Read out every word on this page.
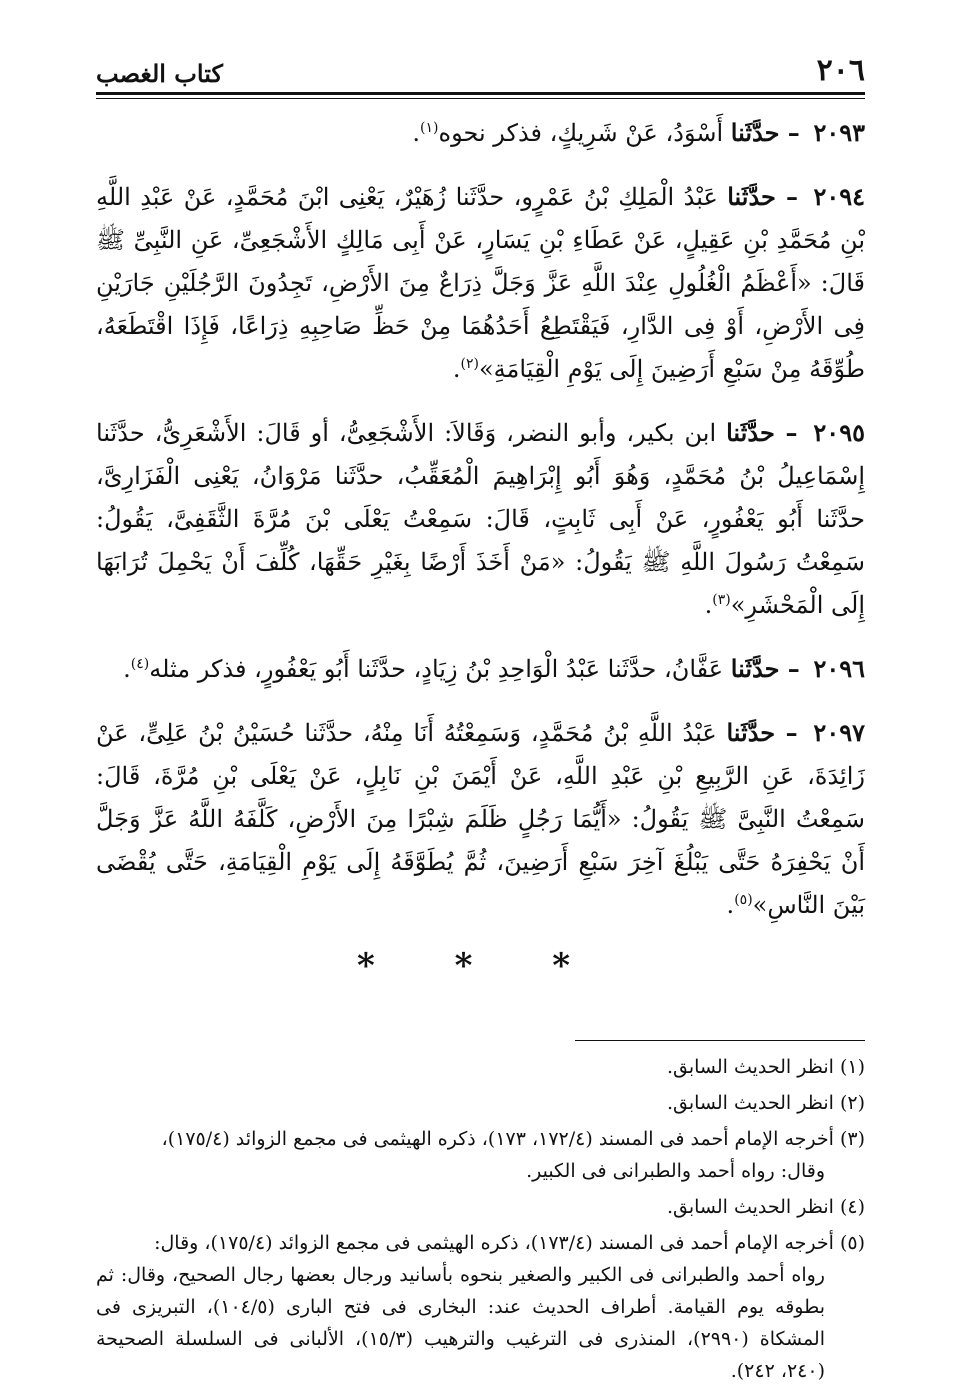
٢٠٦
كتاب الغصب

٢٠٩٣ – حدَّثَنا أَسْوَدُ، عَنْ شَرِيكٍ، فذكر نحوه$^{(١)}$.

٢٠٩٤ – حدَّثَنا عَبْدُ الْمَلِكِ بْنُ عَمْرٍو، حدَّثَنا زُهَيْرٌ، يَعْنِى ابْنَ مُحَمَّدٍ، عَنْ عَبْدِ اللَّهِ بْنِ مُحَمَّدِ بْنِ عَقِيلٍ، عَنْ عَطَاءِ بْنِ يَسَارٍ، عَنْ أَبِى مَالِكٍ الأَشْجَعِىِّ، عَنِ النَّبِىِّ ﷺ قَالَ: «أَعْظَمُ الْغُلُولِ عِنْدَ اللَّهِ عَزَّ وَجَلَّ ذِرَاعٌ مِنَ الأَرْضِ، تَجِدُونَ الرَّجُلَيْنِ جَارَيْنِ فِى الأَرْضِ، أَوْ فِى الدَّارِ، فَيَقْتَطِعُ أَحَدُهُمَا مِنْ حَظِّ صَاحِبِهِ ذِرَاعًا، فَإِذَا اقْتَطَعَهُ، طُوِّقَهُ مِنْ سَبْعِ أَرَضِينَ إِلَى يَوْمِ الْقِيَامَةِ»$^{(٢)}$.

٢٠٩٥ – حدَّثَنا ابن بكير، وأبو النضر، وَقَالاَ: الأَشْجَعِىُّ، أو قَالَ: الأَشْعَرِىُّ، حدَّثَنا إِسْمَاعِيلُ بْنُ مُحَمَّدٍ، وَهُوَ أَبُو إِبْرَاهِيمَ الْمُعَقِّبُ، حدَّثَنا مَرْوَانُ، يَعْنِى الْفَزَارِىَّ، حدَّثَنا أَبُو يَعْفُورٍ، عَنْ أَبِى ثَابِتٍ، قَالَ: سَمِعْتُ يَعْلَى بْنَ مُرَّةَ الثَّقَفِىَّ، يَقُولُ: سَمِعْتُ رَسُولَ اللَّهِ ﷺ يَقُولُ: «مَنْ أَخَذَ أَرْضًا بِغَيْرِ حَقِّهَا، كُلِّفَ أَنْ يَحْمِلَ تُرَابَهَا إِلَى الْمَحْشَرِ»$^{(٣)}$.

٢٠٩٦ – حدَّثَنا عَفَّانُ، حدَّثَنا عَبْدُ الْوَاحِدِ بْنُ زِيَادٍ، حدَّثَنا أَبُو يَعْفُورٍ، فذكر مثله$^{(٤)}$.

٢٠٩٧ – حدَّثَنا عَبْدُ اللَّهِ بْنُ مُحَمَّدٍ، وَسَمِعْتُهُ أَنَا مِنْهُ، حدَّثَنا حُسَيْنُ بْنُ عَلِىٍّ، عَنْ زَائِدَةَ، عَنِ الرَّبِيعِ بْنِ عَبْدِ اللَّهِ، عَنْ أَيْمَنَ بْنِ نَابِلٍ، عَنْ يَعْلَى بْنِ مُرَّةَ، قَالَ: سَمِعْتُ النَّبِىَّ ﷺ يَقُولُ: «أَيُّمَا رَجُلٍ ظَلَمَ شِبْرًا مِنَ الأَرْضِ، كَلَّفَهُ اللَّهُ عَزَّ وَجَلَّ أَنْ يَحْفِرَهُ حَتَّى يَبْلُغَ آخِرَ سَبْعِ أَرَضِينَ، ثُمَّ يُطَوَّقَهُ إِلَى يَوْمِ الْقِيَامَةِ، حَتَّى يُقْضَى بَيْنَ النَّاسِ»$^{(٥)}$.

* * *
(١) انظر الحديث السابق.
(٢) انظر الحديث السابق.
(٣) أخرجه الإمام أحمد فى المسند (١٧٢/٤، ١٧٣)، ذكره الهيثمى فى مجمع الزوائد (١٧٥/٤)،
وقال: رواه أحمد والطبرانى فى الكبير.
(٤) انظر الحديث السابق.
(٥) أخرجه الإمام أحمد فى المسند (١٧٣/٤)، ذكره الهيثمى فى مجمع الزوائد (١٧٥/٤)، وقال:
رواه أحمد والطبرانى فى الكبير والصغير بنحوه بأسانيد ورجال بعضها رجال الصحيح، وقال: ثم بطوقه يوم القيامة. أطراف الحديث عند: البخارى فى فتح البارى (١٠٤/٥)، التبريزى فى المشكاة (٢٩٩٠)، المنذرى فى الترغيب والترهيب (١٥/٣)، الألبانى فى السلسلة الصحيحة (٢٤٠، ٢٤٢).
